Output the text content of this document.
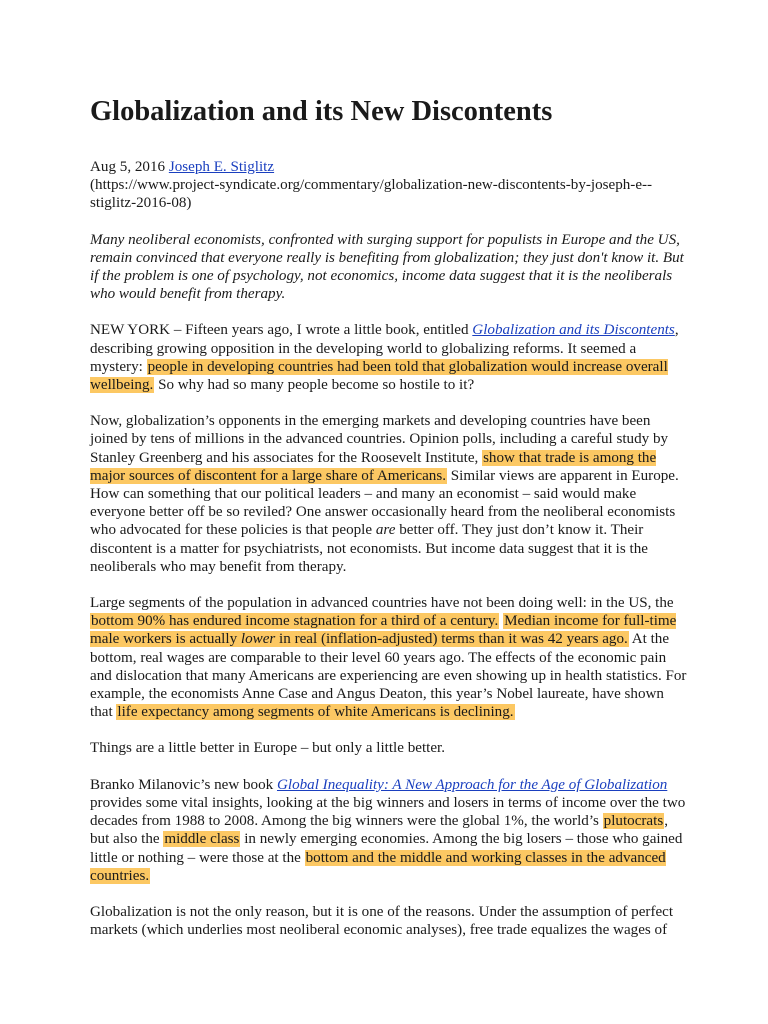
Globalization and its New Discontents

Aug 5, 2016 Joseph E. Stiglitz
(https://www.project-syndicate.org/commentary/globalization-new-discontents-by-joseph-e--stiglitz-2016-08)

Many neoliberal economists, confronted with surging support for populists in Europe and the US, remain convinced that everyone really is benefiting from globalization; they just don't know it. But if the problem is one of psychology, not economics, income data suggest that it is the neoliberals who would benefit from therapy.

NEW YORK – Fifteen years ago, I wrote a little book, entitled Globalization and its Discontents, describing growing opposition in the developing world to globalizing reforms. It seemed a mystery: people in developing countries had been told that globalization would increase overall wellbeing. So why had so many people become so hostile to it?

Now, globalization’s opponents in the emerging markets and developing countries have been joined by tens of millions in the advanced countries. Opinion polls, including a careful study by Stanley Greenberg and his associates for the Roosevelt Institute, show that trade is among the major sources of discontent for a large share of Americans. Similar views are apparent in Europe. How can something that our political leaders – and many an economist – said would make everyone better off be so reviled? One answer occasionally heard from the neoliberal economists who advocated for these policies is that people are better off. They just don’t know it. Their discontent is a matter for psychiatrists, not economists. But income data suggest that it is the neoliberals who may benefit from therapy.

Large segments of the population in advanced countries have not been doing well: in the US, the bottom 90% has endured income stagnation for a third of a century. Median income for full-time male workers is actually lower in real (inflation-adjusted) terms than it was 42 years ago. At the bottom, real wages are comparable to their level 60 years ago. The effects of the economic pain and dislocation that many Americans are experiencing are even showing up in health statistics. For example, the economists Anne Case and Angus Deaton, this year’s Nobel laureate, have shown that life expectancy among segments of white Americans is declining.

Things are a little better in Europe – but only a little better.

Branko Milanovic’s new book Global Inequality: A New Approach for the Age of Globalization provides some vital insights, looking at the big winners and losers in terms of income over the two decades from 1988 to 2008. Among the big winners were the global 1%, the world’s plutocrats, but also the middle class in newly emerging economies. Among the big losers – those who gained little or nothing – were those at the bottom and the middle and working classes in the advanced countries.

Globalization is not the only reason, but it is one of the reasons. Under the assumption of perfect markets (which underlies most neoliberal economic analyses), free trade equalizes the wages of
